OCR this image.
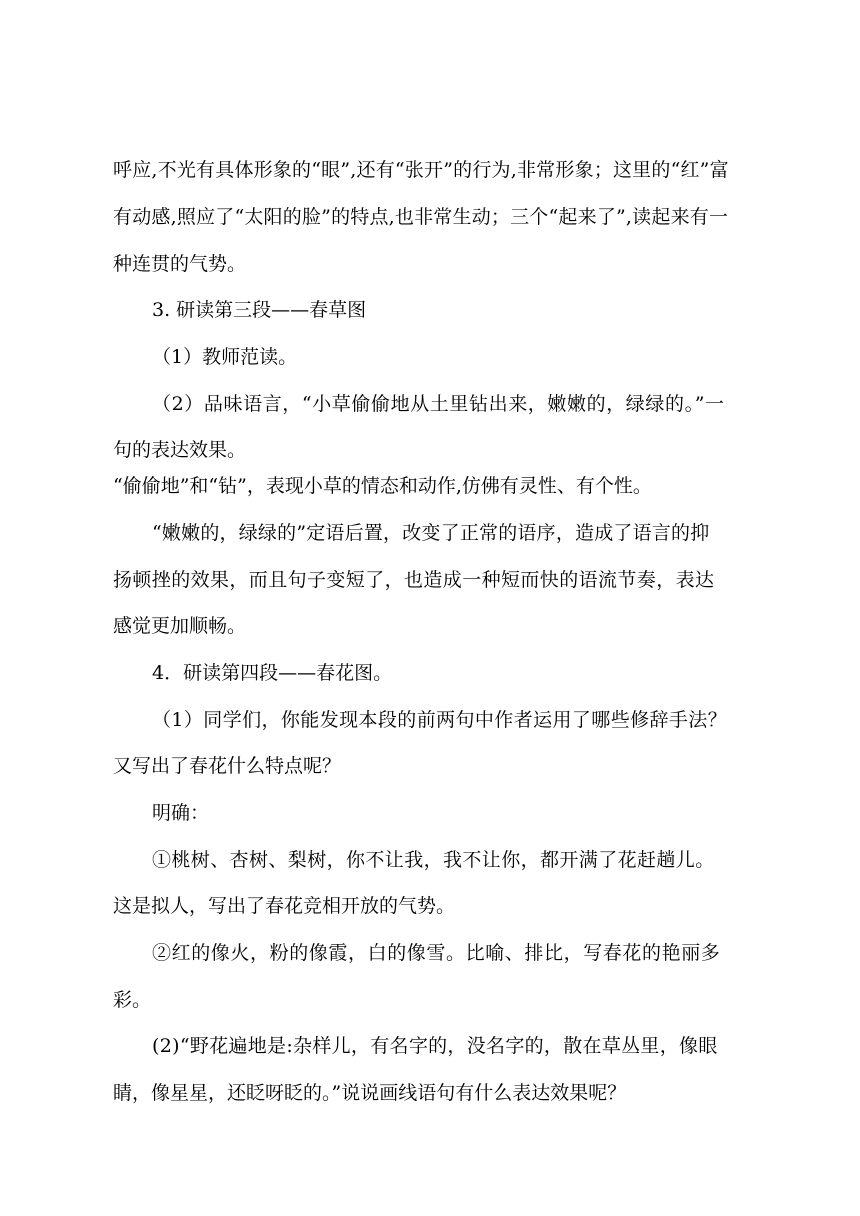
呼应,不光有具体形象的“眼”,还有“张开”的行为,非常形象；这里的“红”富
有动感,照应了“太阳的脸”的特点,也非常生动；三个“起来了”,读起来有一
种连贯的气势。
3. 研读第三段——春草图
（1）教师范读。
（2）品味语言，“小草偷偷地从土里钻出来，嫩嫩的，绿绿的。”一
句的表达效果。
“偷偷地”和“钻”，表现小草的情态和动作,仿佛有灵性、有个性。
“嫩嫩的，绿绿的”定语后置，改变了正常的语序，造成了语言的抑
扬顿挫的效果，而且句子变短了，也造成一种短而快的语流节奏，表达
感觉更加顺畅。
4．研读第四段——春花图。
（1）同学们，你能发现本段的前两句中作者运用了哪些修辞手法？
又写出了春花什么特点呢？
明确：
①桃树、杏树、梨树，你不让我，我不让你，都开满了花赶趟儿。
这是拟人，写出了春花竞相开放的气势。
②红的像火，粉的像霞，白的像雪。比喻、排比，写春花的艳丽多
彩。
(2)“野花遍地是:杂样儿，有名字的，没名字的，散在草丛里，像眼
睛，像星星，还眨呀眨的。”说说画线语句有什么表达效果呢？
